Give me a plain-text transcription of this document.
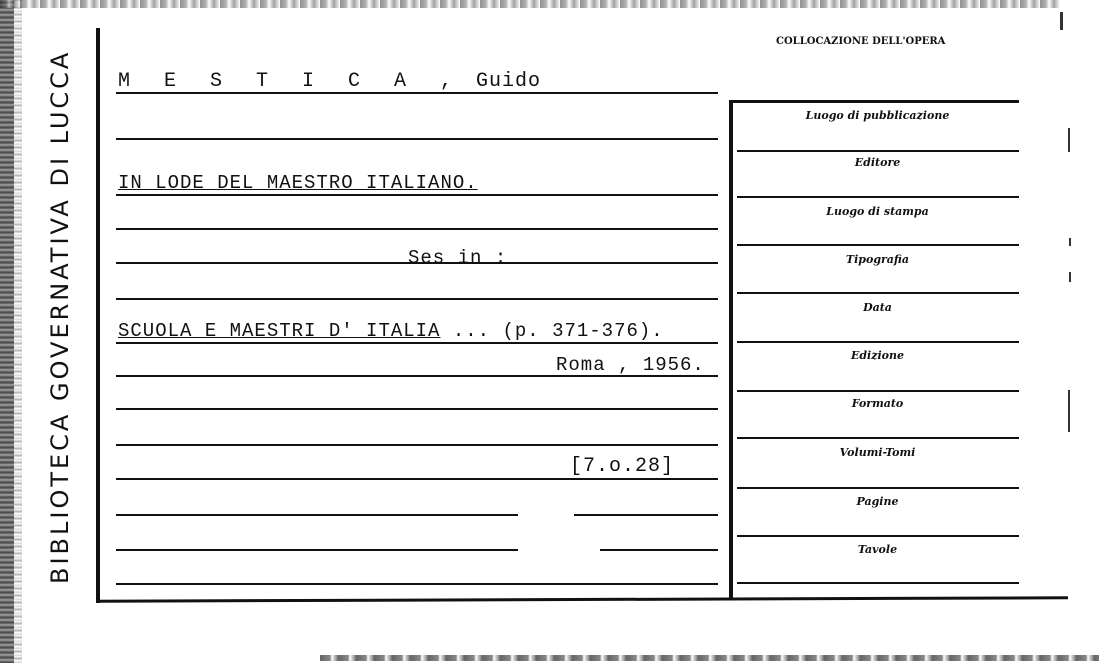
BIBLIOTECA GOVERNATIVA DI LUCCA
COLLOCAZIONE DELL'OPERA
Luogo di pubblicazione
Editore
Luogo di stampa
Tipografia
Data
Edizione
Formato
Volumi-Tomi
Pagine
Tavole
M E S T I C A , Guido
IN LODE DEL MAESTRO ITALIANO.
Ses in :
SCUOLA E MAESTRI D' ITALIA ... (p. 371-376).
Roma , 1956.
[7.o.28]
